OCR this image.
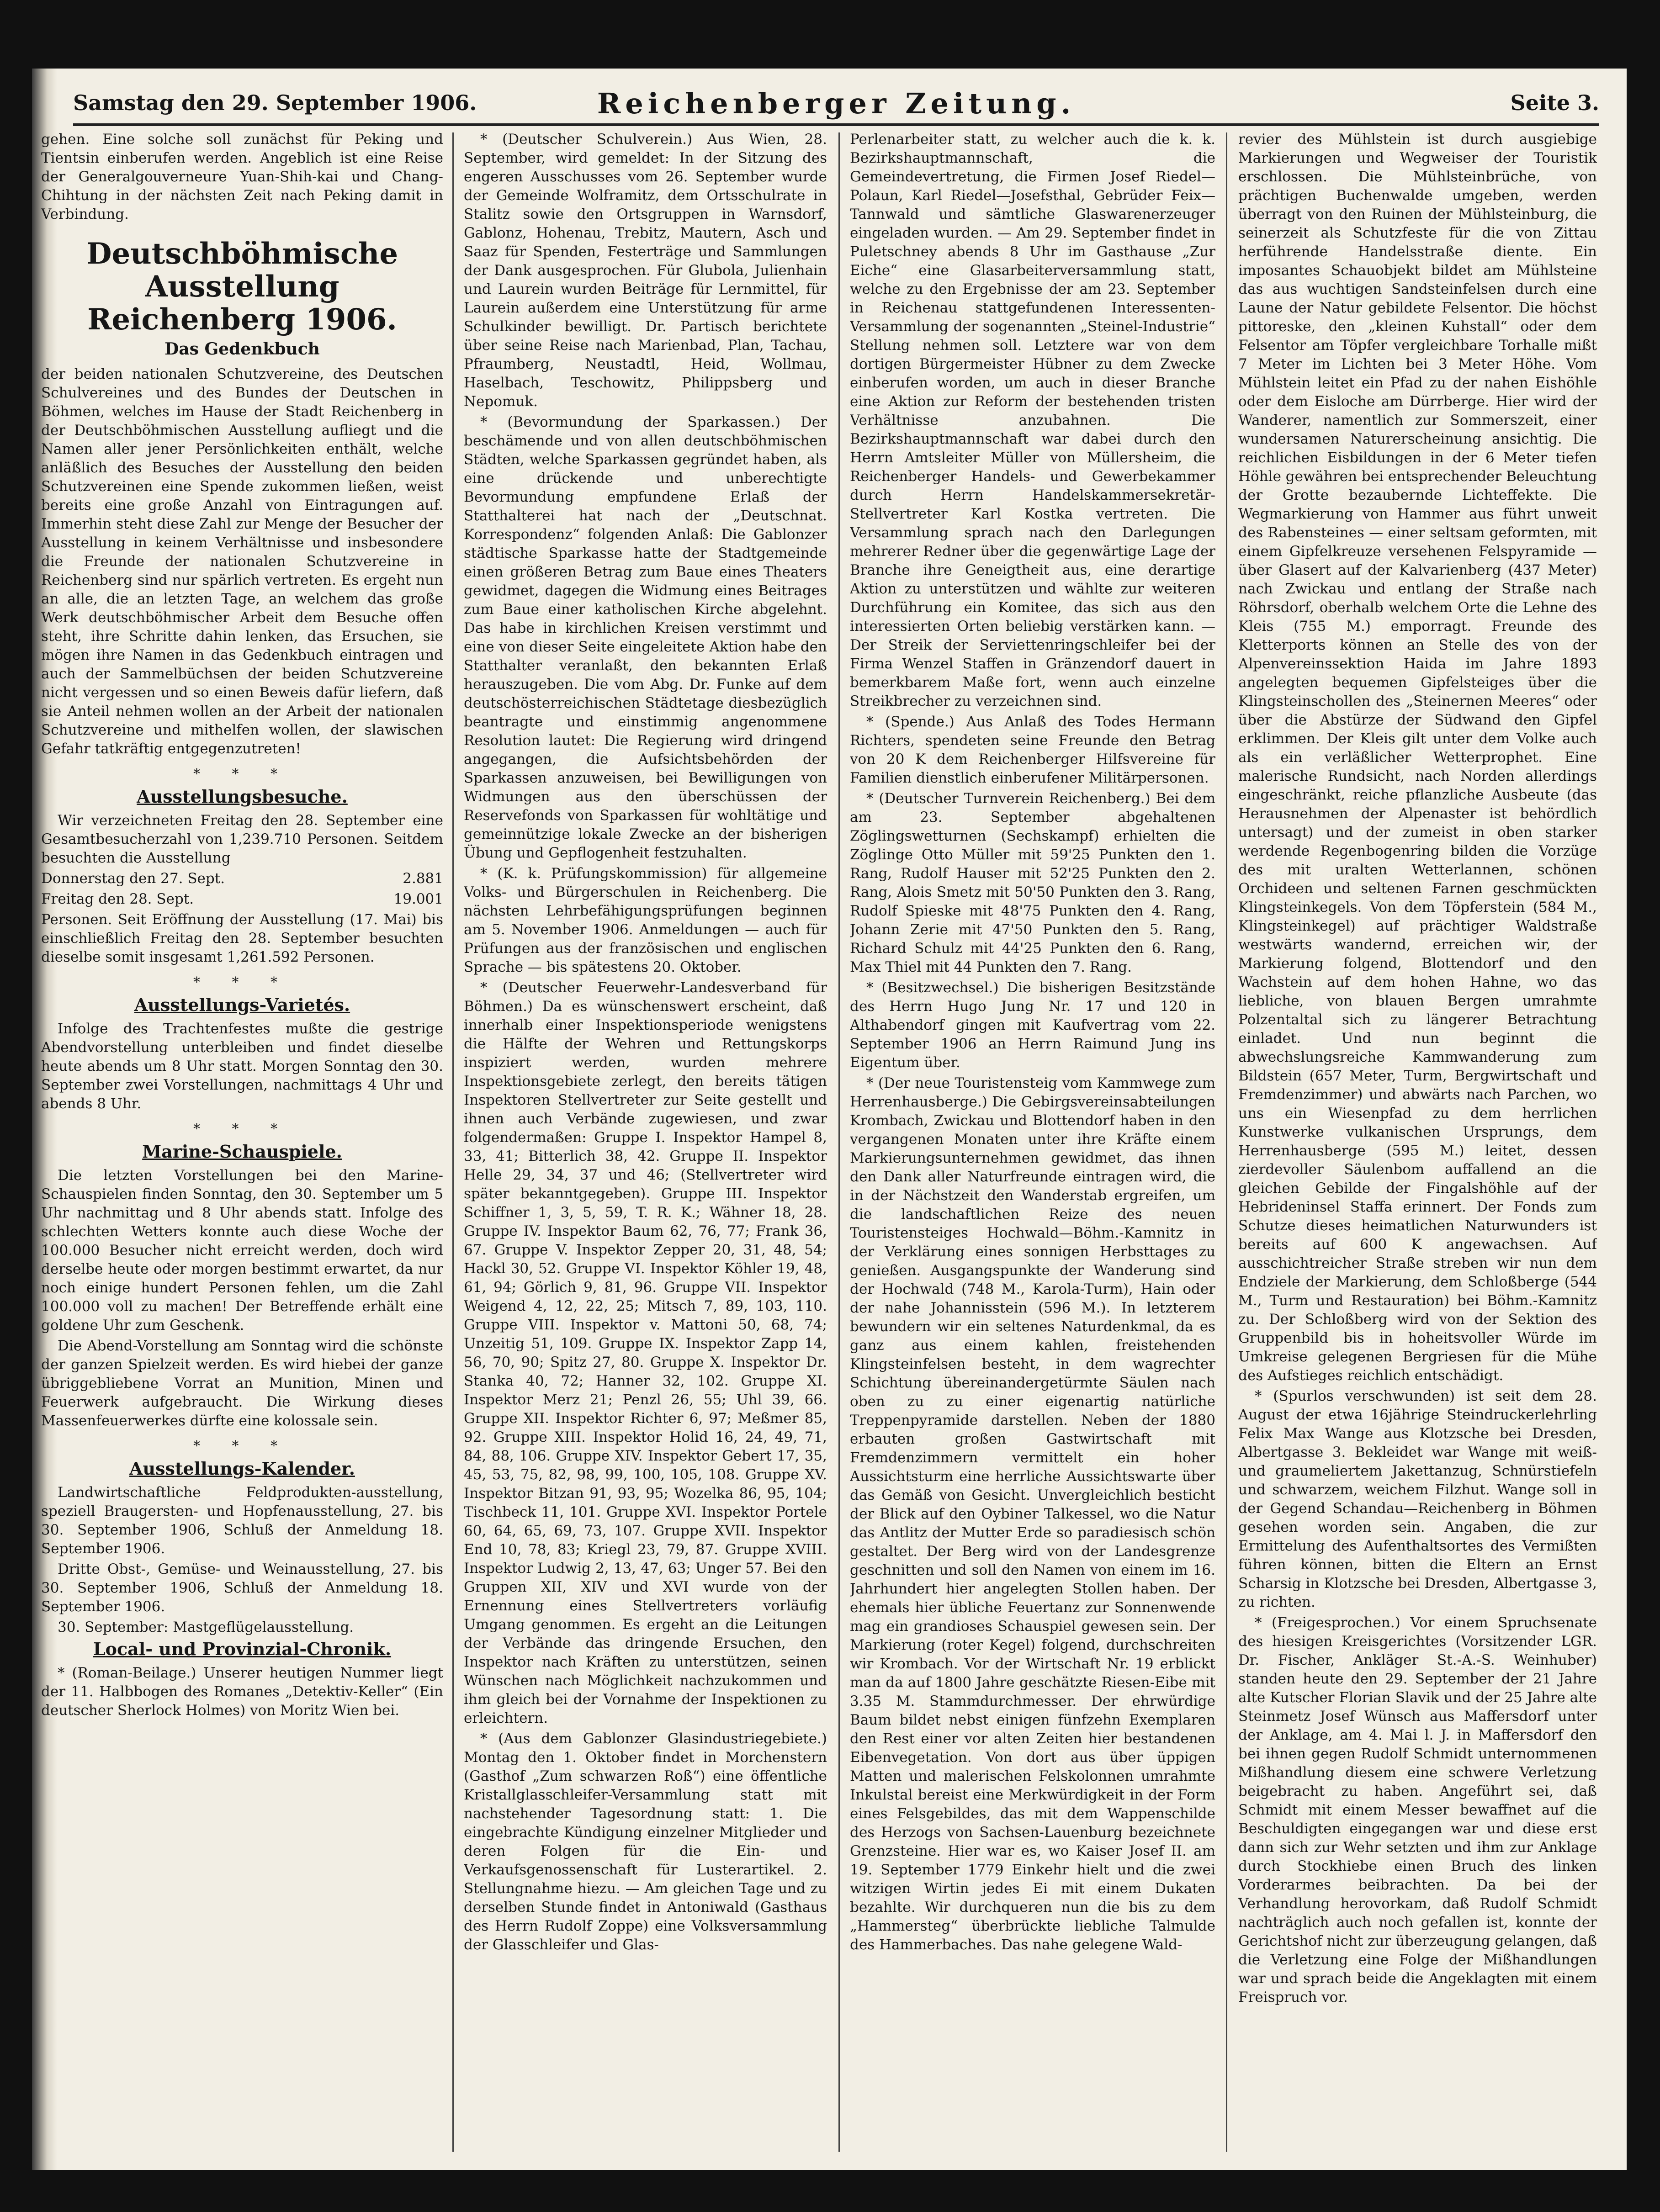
Samstag den 29. September 1906.	Reichenberger Zeitung.	Seite 3.

gehen. Eine solche soll zunächst für Peking und Tientsin einberufen werden. Angeblich ist eine Reise der Generalgouverneure Yuan-Shih-kai und Chang-Chihtung in der nächsten Zeit nach Peking damit in Verbindung.

Deutschböhmische Ausstellung Reichenberg 1906.
Das Gedenkbuch

der beiden nationalen Schutzvereine, des Deutschen Schulvereines und des Bundes der Deutschen in Böhmen, welches im Hause der Stadt Reichenberg in der Deutschböhmischen Ausstellung aufliegt und die Namen aller jener Persönlichkeiten enthält, welche anläßlich des Besuches der Ausstellung den beiden Schutzvereinen eine Spende zukommen ließen, weist bereits eine große Anzahl von Eintragungen auf. Immerhin steht diese Zahl zur Menge der Besucher der Ausstellung in keinem Verhältnisse und insbesondere die Freunde der nationalen Schutzvereine in Reichenberg sind nur spärlich vertreten. Es ergeht nun an alle, die an letzten Tage, an welchem das große Werk deutschböhmischer Arbeit dem Besuche offen steht, ihre Schritte dahin lenken, das Ersuchen, sie mögen ihre Namen in das Gedenkbuch eintragen und auch der Sammelbüchsen der beiden Schutzvereine nicht vergessen und so einen Beweis dafür liefern, daß sie Anteil nehmen wollen an der Arbeit der nationalen Schutzvereine und mithelfen wollen, der slawischen Gefahr tatkräftig entgegenzutreten!

* * *
Ausstellungsbesuche.

Wir verzeichneten Freitag den 28. September eine Gesamtbesucherzahl von 1,239.710 Personen. Seitdem besuchten die Ausstellung

Donnerstag den 27. Sept.	2.881

Freitag den 28. Sept.	19.001

Personen. Seit Eröffnung der Ausstellung (17. Mai) bis einschließlich Freitag den 28. September besuchten dieselbe somit insgesamt 1,261.592 Personen.

* * *
Ausstellungs-Varietés.

Infolge des Trachtenfestes mußte die gestrige Abendvorstellung unterbleiben und findet dieselbe heute abends um 8 Uhr statt. Morgen Sonntag den 30. September zwei Vorstellungen, nachmittags 4 Uhr und abends 8 Uhr.

* * *
Marine-Schauspiele.

Die letzten Vorstellungen bei den Marine-Schauspielen finden Sonntag, den 30. September um 5 Uhr nachmittag und 8 Uhr abends statt. Infolge des schlechten Wetters konnte auch diese Woche der 100.000 Besucher nicht erreicht werden, doch wird derselbe heute oder morgen bestimmt erwartet, da nur noch einige hundert Personen fehlen, um die Zahl 100.000 voll zu machen! Der Betreffende erhält eine goldene Uhr zum Geschenk.

Die Abend-Vorstellung am Sonntag wird die schönste der ganzen Spielzeit werden. Es wird hiebei der ganze übriggebliebene Vorrat an Munition, Minen und Feuerwerk aufgebraucht. Die Wirkung dieses Massenfeuerwerkes dürfte eine kolossale sein.

* * *
Ausstellungs-Kalender.

Landwirtschaftliche Feldprodukten-ausstellung, speziell Braugersten- und Hopfenausstellung, 27. bis 30. September 1906, Schluß der Anmeldung 18. September 1906.

Dritte Obst-, Gemüse- und Weinausstellung, 27. bis 30. September 1906, Schluß der Anmeldung 18. September 1906.

30. September: Mastgeflügelausstellung.

Local- und Provinzial-Chronik.

* (Roman-Beilage.) Unserer heutigen Nummer liegt der 11. Halbbogen des Romanes „Detektiv-Keller“ (Ein deutscher Sherlock Holmes) von Moritz Wien bei.

* (Deutscher Schulverein.) Aus Wien, 28. September, wird gemeldet: In der Sitzung des engeren Ausschusses vom 26. September wurde der Gemeinde Wolframitz, dem Ortsschulrate in Stalitz sowie den Ortsgruppen in Warnsdorf, Gablonz, Hohenau, Trebitz, Mautern, Asch und Saaz für Spenden, Festerträge und Sammlungen der Dank ausgesprochen. Für Glubola, Julienhain und Laurein wurden Beiträge für Lernmittel, für Laurein außerdem eine Unterstützung für arme Schulkinder bewilligt. Dr. Partisch berichtete über seine Reise nach Marienbad, Plan, Tachau, Pfraumberg, Neustadtl, Heid, Wollmau, Haselbach, Teschowitz, Philippsberg und Nepomuk.

* (Bevormundung der Sparkassen.) Der beschämende und von allen deutschböhmischen Städten, welche Sparkassen gegründet haben, als eine drückende und unberechtigte Bevormundung empfundene Erlaß der Statthalterei hat nach der „Deutschnat. Korrespondenz“ folgenden Anlaß: Die Gablonzer städtische Sparkasse hatte der Stadtgemeinde einen größeren Betrag zum Baue eines Theaters gewidmet, dagegen die Widmung eines Beitrages zum Baue einer katholischen Kirche abgelehnt. Das habe in kirchlichen Kreisen verstimmt und eine von dieser Seite eingeleitete Aktion habe den Statthalter veranlaßt, den bekannten Erlaß herauszugeben. Die vom Abg. Dr. Funke auf dem deutschösterreichischen Städtetage diesbezüglich beantragte und einstimmig angenommene Resolution lautet: Die Regierung wird dringend angegangen, die Aufsichtsbehörden der Sparkassen anzuweisen, bei Bewilligungen von Widmungen aus den überschüssen der Reservefonds von Sparkassen für wohltätige und gemeinnützige lokale Zwecke an der bisherigen Übung und Gepflogenheit festzuhalten.

* (K. k. Prüfungskommission) für allgemeine Volks- und Bürgerschulen in Reichenberg. Die nächsten Lehrbefähigungsprüfungen beginnen am 5. November 1906. Anmeldungen — auch für Prüfungen aus der französischen und englischen Sprache — bis spätestens 20. Oktober.

* (Deutscher Feuerwehr-Landesverband für Böhmen.) Da es wünschenswert erscheint, daß innerhalb einer Inspektionsperiode wenigstens die Hälfte der Wehren und Rettungskorps inspiziert werden, wurden mehrere Inspektionsgebiete zerlegt, den bereits tätigen Inspektoren Stellvertreter zur Seite gestellt und ihnen auch Verbände zugewiesen, und zwar folgendermaßen: Gruppe I. Inspektor Hampel 8, 33, 41; Bitterlich 38, 42. Gruppe II. Inspektor Helle 29, 34, 37 und 46; (Stellvertreter wird später bekanntgegeben). Gruppe III. Inspektor Schiffner 1, 3, 5, 59, T. R. K.; Wähner 18, 28. Gruppe IV. Inspektor Baum 62, 76, 77; Frank 36, 67. Gruppe V. Inspektor Zepper 20, 31, 48, 54; Hackl 30, 52. Gruppe VI. Inspektor Köhler 19, 48, 61, 94; Görlich 9, 81, 96. Gruppe VII. Inspektor Weigend 4, 12, 22, 25; Mitsch 7, 89, 103, 110. Gruppe VIII. Inspektor v. Mattoni 50, 68, 74; Unzeitig 51, 109. Gruppe IX. Inspektor Zapp 14, 56, 70, 90; Spitz 27, 80. Gruppe X. Inspektor Dr. Stanka 40, 72; Hanner 32, 102. Gruppe XI. Inspektor Merz 21; Penzl 26, 55; Uhl 39, 66. Gruppe XII. Inspektor Richter 6, 97; Meßmer 85, 92. Gruppe XIII. Inspektor Holid 16, 24, 49, 71, 84, 88, 106. Gruppe XIV. Inspektor Gebert 17, 35, 45, 53, 75, 82, 98, 99, 100, 105, 108. Gruppe XV. Inspektor Bitzan 91, 93, 95; Wozelka 86, 95, 104; Tischbeck 11, 101. Gruppe XVI. Inspektor Portele 60, 64, 65, 69, 73, 107. Gruppe XVII. Inspektor End 10, 78, 83; Kriegl 23, 79, 87. Gruppe XVIII. Inspektor Ludwig 2, 13, 47, 63; Unger 57. Bei den Gruppen XII, XIV und XVI wurde von der Ernennung eines Stellvertreters vorläufig Umgang genommen. Es ergeht an die Leitungen der Verbände das dringende Ersuchen, den Inspektor nach Kräften zu unterstützen, seinen Wünschen nach Möglichkeit nachzukommen und ihm gleich bei der Vornahme der Inspektionen zu erleichtern.

* (Aus dem Gablonzer Glasindustriegebiete.) Montag den 1. Oktober findet in Morchenstern (Gasthof „Zum schwarzen Roß“) eine öffentliche Kristallglasschleifer-Versammlung statt mit nachstehender Tagesordnung statt: 1. Die eingebrachte Kündigung einzelner Mitglieder und deren Folgen für die Ein- und Verkaufsgenossenschaft für Lusterartikel. 2. Stellungnahme hiezu. — Am gleichen Tage und zu derselben Stunde findet in Antoniwald (Gasthaus des Herrn Rudolf Zoppe) eine Volksversammlung der Glasschleifer und Glas-

Perlenarbeiter statt, zu welcher auch die k. k. Bezirkshauptmannschaft, die Gemeindevertretung, die Firmen Josef Riedel—Polaun, Karl Riedel—Josefsthal, Gebrüder Feix—Tannwald und sämtliche Glaswarenerzeuger eingeladen wurden. — Am 29. September findet in Puletschney abends 8 Uhr im Gasthause „Zur Eiche“ eine Glasarbeiterversammlung statt, welche zu den Ergebnisse der am 23. September in Reichenau stattgefundenen Interessenten-Versammlung der sogenannten „Steinel-Industrie“ Stellung nehmen soll. Letztere war von dem dortigen Bürgermeister Hübner zu dem Zwecke einberufen worden, um auch in dieser Branche eine Aktion zur Reform der bestehenden tristen Verhältnisse anzubahnen. Die Bezirkshauptmannschaft war dabei durch den Herrn Amtsleiter Müller von Müllersheim, die Reichenberger Handels- und Gewerbekammer durch Herrn Handelskammersekretär-Stellvertreter Karl Kostka vertreten. Die Versammlung sprach nach den Darlegungen mehrerer Redner über die gegenwärtige Lage der Branche ihre Geneigtheit aus, eine derartige Aktion zu unterstützen und wählte zur weiteren Durchführung ein Komitee, das sich aus den interessierten Orten beliebig verstärken kann. — Der Streik der Serviettenringschleifer bei der Firma Wenzel Staffen in Gränzendorf dauert in bemerkbarem Maße fort, wenn auch einzelne Streikbrecher zu verzeichnen sind.

* (Spende.) Aus Anlaß des Todes Hermann Richters, spendeten seine Freunde den Betrag von 20 K dem Reichenberger Hilfsvereine für Familien dienstlich einberufener Militärpersonen.

* (Deutscher Turnverein Reichenberg.) Bei dem am 23. September abgehaltenen Zöglingswetturnen (Sechskampf) erhielten die Zöglinge Otto Müller mit 59'25 Punkten den 1. Rang, Rudolf Hauser mit 52'25 Punkten den 2. Rang, Alois Smetz mit 50'50 Punkten den 3. Rang, Rudolf Spieske mit 48'75 Punkten den 4. Rang, Johann Zerie mit 47'50 Punkten den 5. Rang, Richard Schulz mit 44'25 Punkten den 6. Rang, Max Thiel mit 44 Punkten den 7. Rang.

* (Besitzwechsel.) Die bisherigen Besitzstände des Herrn Hugo Jung Nr. 17 und 120 in Althabendorf gingen mit Kaufvertrag vom 22. September 1906 an Herrn Raimund Jung ins Eigentum über.

* (Der neue Touristensteig vom Kammwege zum Herrenhausberge.) Die Gebirgsvereinsabteilungen Krombach, Zwickau und Blottendorf haben in den vergangenen Monaten unter ihre Kräfte einem Markierungsunternehmen gewidmet, das ihnen den Dank aller Naturfreunde eintragen wird, die in der Nächstzeit den Wanderstab ergreifen, um die landschaftlichen Reize des neuen Touristensteiges Hochwald—Böhm.-Kamnitz in der Verklärung eines sonnigen Herbsttages zu genießen. Ausgangspunkte der Wanderung sind der Hochwald (748 M., Karola-Turm), Hain oder der nahe Johannisstein (596 M.). In letzterem bewundern wir ein seltenes Naturdenkmal, da es ganz aus einem kahlen, freistehenden Klingsteinfelsen besteht, in dem wagrechter Schichtung übereinandergetürmte Säulen nach oben zu zu einer eigenartig natürliche Treppenpyramide darstellen. Neben der 1880 erbauten großen Gastwirtschaft mit Fremdenzimmern vermittelt ein hoher Aussichtsturm eine herrliche Aussichtswarte über das Gemäß von Gesicht. Unvergleichlich besticht der Blick auf den Oybiner Talkessel, wo die Natur das Antlitz der Mutter Erde so paradiesisch schön gestaltet. Der Berg wird von der Landesgrenze geschnitten und soll den Namen von einem im 16. Jahrhundert hier angelegten Stollen haben. Der ehemals hier übliche Feuertanz zur Sonnenwende mag ein grandioses Schauspiel gewesen sein. Der Markierung (roter Kegel) folgend, durchschreiten wir Krombach. Vor der Wirtschaft Nr. 19 erblickt man da auf 1800 Jahre geschätzte Riesen-Eibe mit 3.35 M. Stammdurchmesser. Der ehrwürdige Baum bildet nebst einigen fünfzehn Exemplaren den Rest einer vor alten Zeiten hier bestandenen Eibenvegetation. Von dort aus über üppigen Matten und malerischen Felskolonnen umrahmte Inkulstal bereist eine Merkwürdigkeit in der Form eines Felsgebildes, das mit dem Wappenschilde des Herzogs von Sachsen-Lauenburg bezeichnete Grenzsteine. Hier war es, wo Kaiser Josef II. am 19. September 1779 Einkehr hielt und die zwei witzigen Wirtin jedes Ei mit einem Dukaten bezahlte. Wir durchqueren nun die bis zu dem „Hammersteg“ überbrückte liebliche Talmulde des Hammerbaches. Das nahe gelegene Wald-

revier des Mühlstein ist durch ausgiebige Markierungen und Wegweiser der Touristik erschlossen. Die Mühlsteinbrüche, von prächtigen Buchenwalde umgeben, werden überragt von den Ruinen der Mühlsteinburg, die seinerzeit als Schutzfeste für die von Zittau herführende Handelsstraße diente. Ein imposantes Schauobjekt bildet am Mühlsteine das aus wuchtigen Sandsteinfelsen durch eine Laune der Natur gebildete Felsentor. Die höchst pittoreske, den „kleinen Kuhstall“ oder dem Felsentor am Töpfer vergleichbare Torhalle mißt 7 Meter im Lichten bei 3 Meter Höhe. Vom Mühlstein leitet ein Pfad zu der nahen Eishöhle oder dem Eisloche am Dürrberge. Hier wird der Wanderer, namentlich zur Sommerszeit, einer wundersamen Naturerscheinung ansichtig. Die reichlichen Eisbildungen in der 6 Meter tiefen Höhle gewähren bei entsprechender Beleuchtung der Grotte bezaubernde Lichteffekte. Die Wegmarkierung von Hammer aus führt unweit des Rabensteines — einer seltsam geformten, mit einem Gipfelkreuze versehenen Felspyramide — über Glasert auf der Kalvarienberg (437 Meter) nach Zwickau und entlang der Straße nach Röhrsdorf, oberhalb welchem Orte die Lehne des Kleis (755 M.) emporragt. Freunde des Kletterports können an Stelle des von der Alpenvereinssektion Haida im Jahre 1893 angelegten bequemen Gipfelsteiges über die Klingsteinschollen des „Steinernen Meeres“ oder über die Abstürze der Südwand den Gipfel erklimmen. Der Kleis gilt unter dem Volke auch als ein verläßlicher Wetterprophet. Eine malerische Rundsicht, nach Norden allerdings eingeschränkt, reiche pflanzliche Ausbeute (das Herausnehmen der Alpenaster ist behördlich untersagt) und der zumeist in oben starker werdende Regenbogenring bilden die Vorzüge des mit uralten Wetterlannen, schönen Orchideen und seltenen Farnen geschmückten Klingsteinkegels. Von dem Töpferstein (584 M., Klingsteinkegel) auf prächtiger Waldstraße westwärts wandernd, erreichen wir, der Markierung folgend, Blottendorf und den Wachstein auf dem hohen Hahne, wo das liebliche, von blauen Bergen umrahmte Polzentaltal sich zu längerer Betrachtung einladet. Und nun beginnt die abwechslungsreiche Kammwanderung zum Bildstein (657 Meter, Turm, Bergwirtschaft und Fremdenzimmer) und abwärts nach Parchen, wo uns ein Wiesenpfad zu dem herrlichen Kunstwerke vulkanischen Ursprungs, dem Herrenhausberge (595 M.) leitet, dessen zierdevoller Säulenbom auffallend an die gleichen Gebilde der Fingalshöhle auf der Hebrideninsel Staffa erinnert. Der Fonds zum Schutze dieses heimatlichen Naturwunders ist bereits auf 600 K angewachsen. Auf ausschichtreicher Straße streben wir nun dem Endziele der Markierung, dem Schloßberge (544 M., Turm und Restauration) bei Böhm.-Kamnitz zu. Der Schloßberg wird von der Sektion des Gruppenbild bis in hoheitsvoller Würde im Umkreise gelegenen Bergriesen für die Mühe des Aufstieges reichlich entschädigt.

* (Spurlos verschwunden) ist seit dem 28. August der etwa 16jährige Steindruckerlehrling Felix Max Wange aus Klotzsche bei Dresden, Albertgasse 3. Bekleidet war Wange mit weiß- und graumeliertem Jakettanzug, Schnürstiefeln und schwarzem, weichem Filzhut. Wange soll in der Gegend Schandau—Reichenberg in Böhmen gesehen worden sein. Angaben, die zur Ermittelung des Aufenthaltsortes des Vermißten führen können, bitten die Eltern an Ernst Scharsig in Klotzsche bei Dresden, Albertgasse 3, zu richten.

* (Freigesprochen.) Vor einem Spruchsenate des hiesigen Kreisgerichtes (Vorsitzender LGR. Dr. Fischer, Ankläger St.-A.-S. Weinhuber) standen heute den 29. September der 21 Jahre alte Kutscher Florian Slavik und der 25 Jahre alte Steinmetz Josef Wünsch aus Maffersdorf unter der Anklage, am 4. Mai l. J. in Maffersdorf den bei ihnen gegen Rudolf Schmidt unternommenen Mißhandlung diesem eine schwere Verletzung beigebracht zu haben. Angeführt sei, daß Schmidt mit einem Messer bewaffnet auf die Beschuldigten eingegangen war und diese erst dann sich zur Wehr setzten und ihm zur Anklage durch Stockhiebe einen Bruch des linken Vorderarmes beibrachten. Da bei der Verhandlung herovorkam, daß Rudolf Schmidt nachträglich auch noch gefallen ist, konnte der Gerichtshof nicht zur überzeugung gelangen, daß die Verletzung eine Folge der Mißhandlungen war und sprach beide die Angeklagten mit einem Freispruch vor.
